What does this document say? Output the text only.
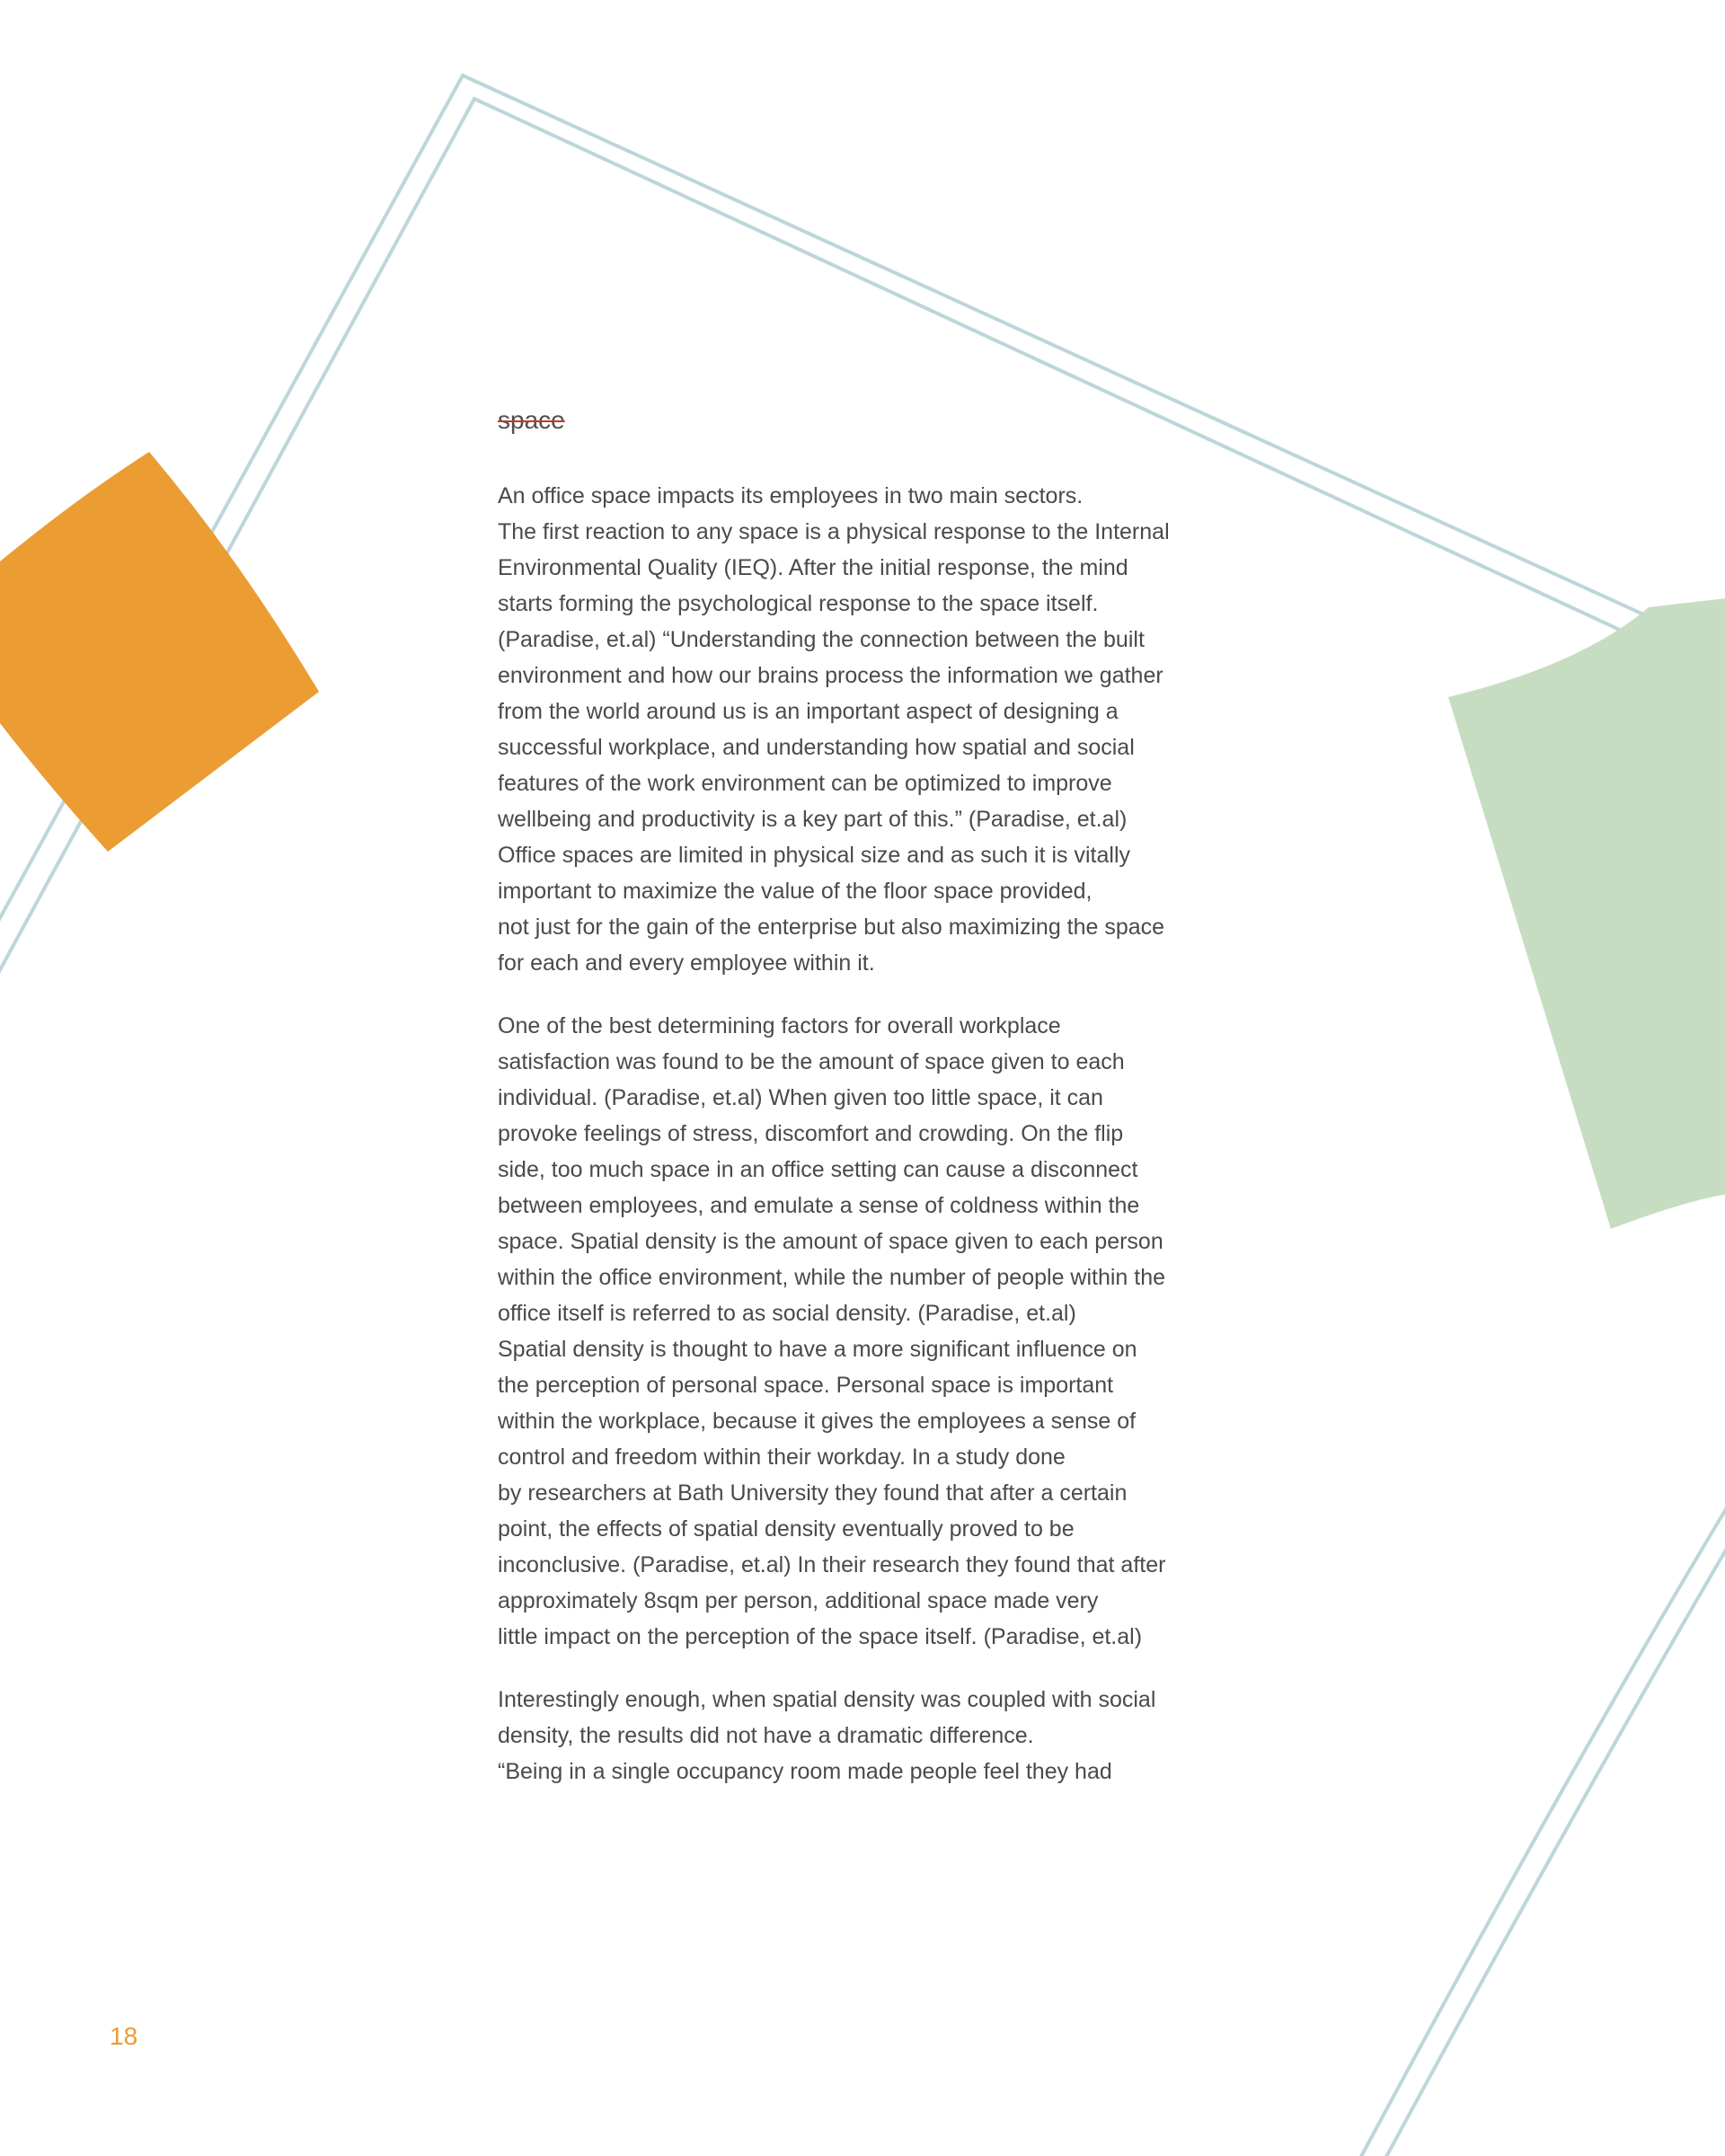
space

An office space impacts its employees in two main sectors.
The first reaction to any space is a physical response to the Internal
Environmental Quality (IEQ). After the initial response, the mind
starts forming the psychological response to the space itself.
(Paradise, et.al) “Understanding the connection between the built
environment and how our brains process the information we gather
from the world around us is an important aspect of designing a
successful workplace, and understanding how spatial and social
features of the work environment can be optimized to improve
wellbeing and productivity is a key part of this.” (Paradise, et.al)
Office spaces are limited in physical size and as such it is vitally
important to maximize the value of the floor space provided,
not just for the gain of the enterprise but also maximizing the space
for each and every employee within it.

One of the best determining factors for overall workplace
satisfaction was found to be the amount of space given to each
individual. (Paradise, et.al) When given too little space, it can
provoke feelings of stress, discomfort and crowding. On the flip
side, too much space in an office setting can cause a disconnect
between employees, and emulate a sense of coldness within the
space. Spatial density is the amount of space given to each person
within the office environment, while the number of people within the
office itself is referred to as social density. (Paradise, et.al)
Spatial density is thought to have a more significant influence on
the perception of personal space. Personal space is important
within the workplace, because it gives the employees a sense of
control and freedom within their workday. In a study done
by researchers at Bath University they found that after a certain
point, the effects of spatial density eventually proved to be
inconclusive. (Paradise, et.al) In their research they found that after
approximately 8sqm per person, additional space made very
little impact on the perception of the space itself. (Paradise, et.al)

Interestingly enough, when spatial density was coupled with social
density, the results did not have a dramatic difference.
“Being in a single occupancy room made people feel they had

18
